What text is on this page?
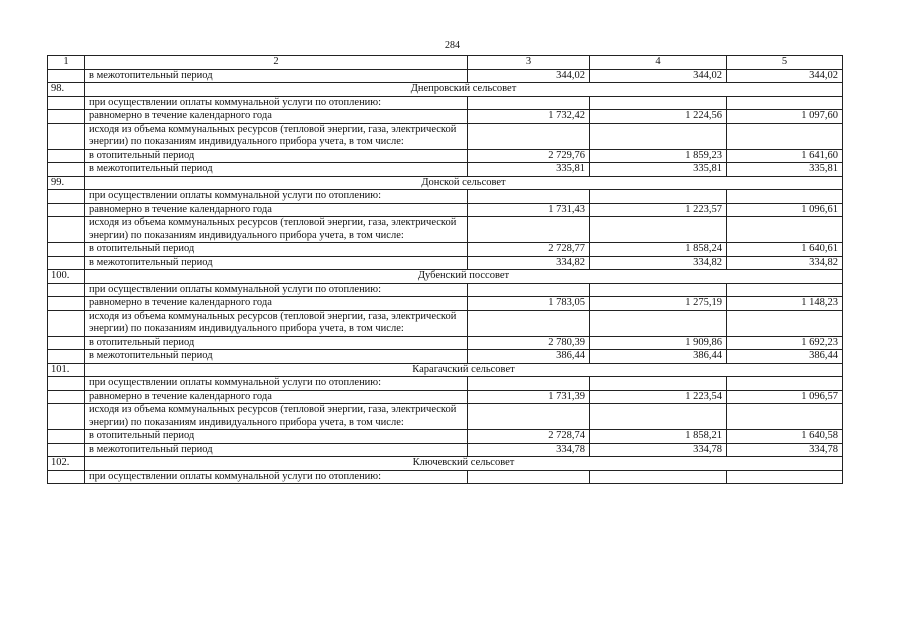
284
1	2	3	4	5
	в межотопительный период	344,02	344,02	344,02
98.	Днепровский сельсовет			
	при осуществлении оплаты коммунальной услуги по отоплению:			
	равномерно в течение календарного года	1 732,42	1 224,56	1 097,60
	исходя из объема коммунальных ресурсов (тепловой энергии, газа, электрической энергии) по показаниям индивидуального прибора учета, в том числе:			
	в отопительный период	2 729,76	1 859,23	1 641,60
	в межотопительный период	335,81	335,81	335,81
99.	Донской сельсовет			
	при осуществлении оплаты коммунальной услуги по отоплению:			
	равномерно в течение календарного года	1 731,43	1 223,57	1 096,61
	исходя из объема коммунальных ресурсов (тепловой энергии, газа, электрической энергии) по показаниям индивидуального прибора учета, в том числе:			
	в отопительный период	2 728,77	1 858,24	1 640,61
	в межотопительный период	334,82	334,82	334,82
100.	Дубенский поссовет			
	при осуществлении оплаты коммунальной услуги по отоплению:			
	равномерно в течение календарного года	1 783,05	1 275,19	1 148,23
	исходя из объема коммунальных ресурсов (тепловой энергии, газа, электрической энергии) по показаниям индивидуального прибора учета, в том числе:			
	в отопительный период	2 780,39	1 909,86	1 692,23
	в межотопительный период	386,44	386,44	386,44
101.	Карагачский сельсовет			
	при осуществлении оплаты коммунальной услуги по отоплению:			
	равномерно в течение календарного года	1 731,39	1 223,54	1 096,57
	исходя из объема коммунальных ресурсов (тепловой энергии, газа, электрической энергии) по показаниям индивидуального прибора учета, в том числе:			
	в отопительный период	2 728,74	1 858,21	1 640,58
	в межотопительный период	334,78	334,78	334,78
102.	Ключевский сельсовет			
	при осуществлении оплаты коммунальной услуги по отоплению:			
